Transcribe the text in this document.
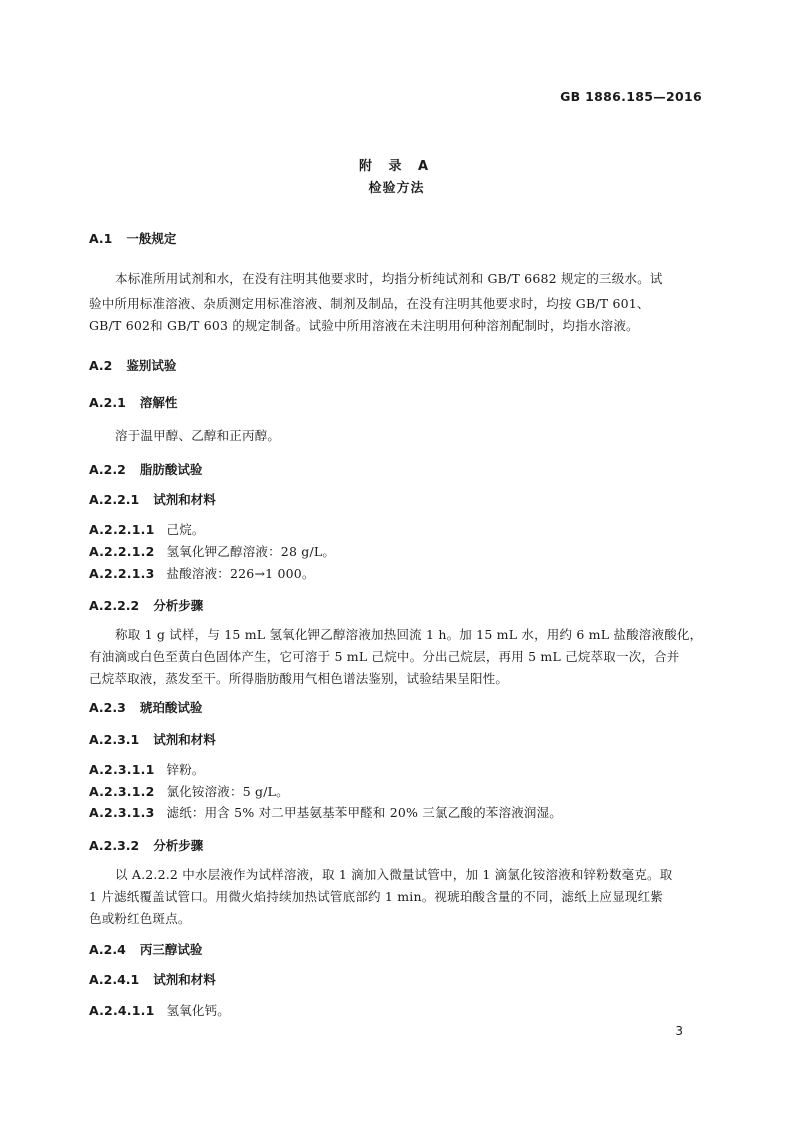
GB 1886.185—2016
附 录 A
检验方法
A.1 一般规定
本标准所用试剂和水，在没有注明其他要求时，均指分析纯试剂和 GB/T 6682 规定的三级水。试
验中所用标准溶液、杂质测定用标准溶液、制剂及制品，在没有注明其他要求时，均按 GB/T 601、
GB/T 602和 GB/T 603 的规定制备。试验中所用溶液在未注明用何种溶剂配制时，均指水溶液。
A.2 鉴别试验
A.2.1 溶解性
溶于温甲醇、乙醇和正丙醇。
A.2.2 脂肪酸试验
A.2.2.1 试剂和材料
A.2.2.1.1 己烷。
A.2.2.1.2 氢氧化钾乙醇溶液：28 g/L。
A.2.2.1.3 盐酸溶液：226→1 000。
A.2.2.2 分析步骤
称取 1 g 试样，与 15 mL 氢氧化钾乙醇溶液加热回流 1 h。加 15 mL 水，用约 6 mL 盐酸溶液酸化，
有油滴或白色至黄白色固体产生，它可溶于 5 mL 己烷中。分出己烷层，再用 5 mL 己烷萃取一次，合并
己烷萃取液，蒸发至干。所得脂肪酸用气相色谱法鉴别，试验结果呈阳性。
A.2.3 琥珀酸试验
A.2.3.1 试剂和材料
A.2.3.1.1 锌粉。
A.2.3.1.2 氯化铵溶液：5 g/L。
A.2.3.1.3 滤纸：用含 5% 对二甲基氨基苯甲醛和 20% 三氯乙酸的苯溶液润湿。
A.2.3.2 分析步骤
以 A.2.2.2 中水层液作为试样溶液，取 1 滴加入微量试管中，加 1 滴氯化铵溶液和锌粉数毫克。取
1 片滤纸覆盖试管口。用微火焰持续加热试管底部约 1 min。视琥珀酸含量的不同，滤纸上应显现红紫
色或粉红色斑点。
A.2.4 丙三醇试验
A.2.4.1 试剂和材料
A.2.4.1.1 氢氧化钙。
3
